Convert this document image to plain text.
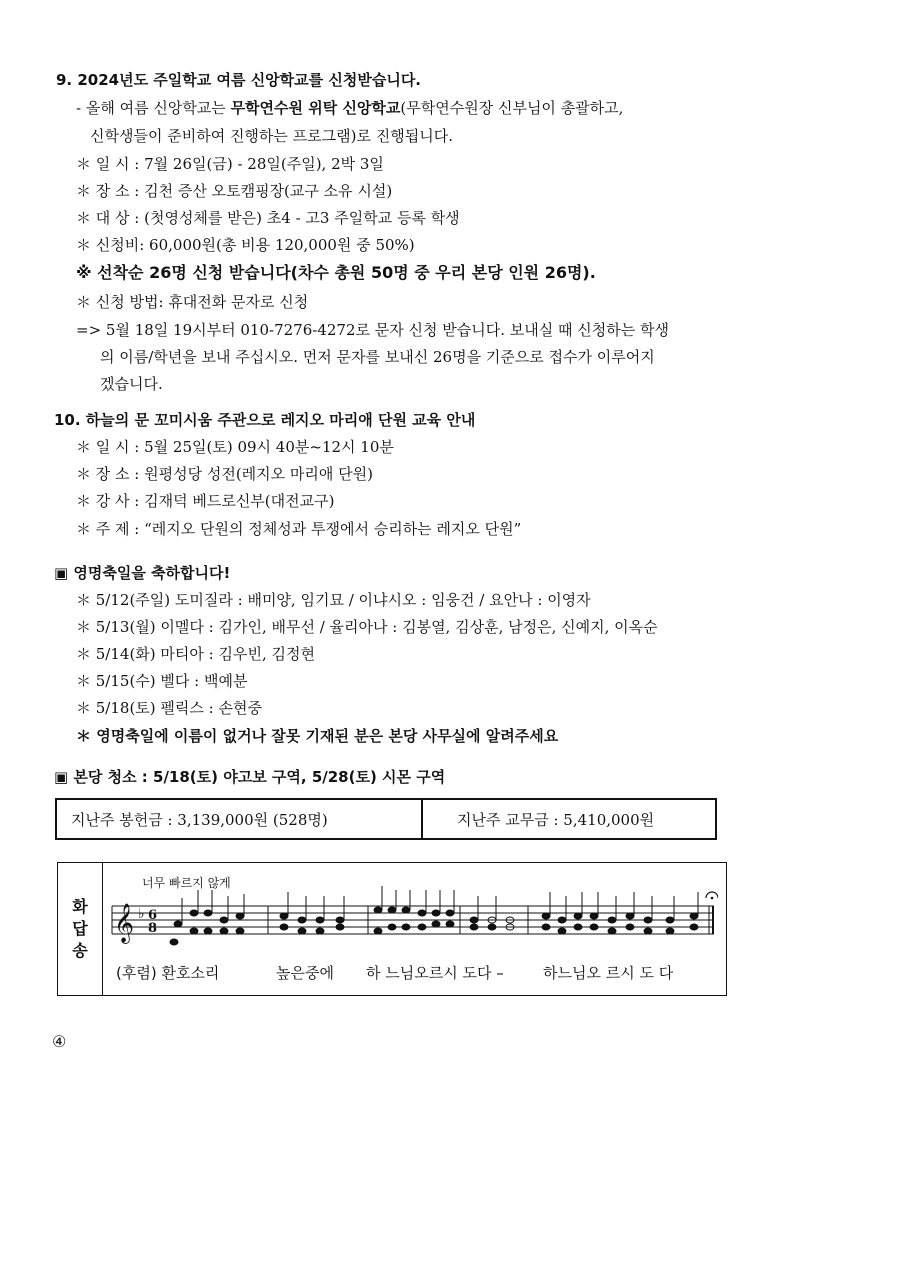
9. 2024년도 주일학교 여름 신앙학교를 신청받습니다.
- 올해 여름 신앙학교는 무학연수원 위탁 신앙학교(무학연수원장 신부님이 총괄하고,
신학생들이 준비하여 진행하는 프로그램)로 진행됩니다.
＊ 일 시 : 7월 26일(금) - 28일(주일), 2박 3일
＊ 장 소 : 김천 증산 오토캠핑장(교구 소유 시설)
＊ 대 상 : (첫영성체를 받은) 초4 - 고3 주일학교 등록 학생
＊ 신청비: 60,000원(총 비용 120,000원 중 50%)
※ 선착순 26명 신청 받습니다(차수 총원 50명 중 우리 본당 인원 26명).
＊ 신청 방법: 휴대전화 문자로 신청
=> 5월 18일 19시부터 010-7276-4272로 문자 신청 받습니다. 보내실 때 신청하는 학생
의 이름/학년을 보내 주십시오. 먼저 문자를 보내신 26명을 기준으로 접수가 이루어지
겠습니다.
10. 하늘의 문 꼬미시움 주관으로 레지오 마리애 단원 교육 안내
＊ 일 시 : 5월 25일(토) 09시 40분~12시 10분
＊ 장 소 : 원평성당 성전(레지오 마리애 단원)
＊ 강 사 : 김재덕 베드로신부(대전교구)
＊ 주 제 : “레지오 단원의 정체성과 투쟁에서 승리하는 레지오 단원”
▣ 영명축일을 축하합니다!
＊ 5/12(주일) 도미질라 : 배미양, 임기묘 / 이냐시오 : 임웅건 / 요안나 : 이영자
＊ 5/13(월) 이멜다 : 김가인, 배무선 / 율리아나 : 김봉열, 김상훈, 남정은, 신예지, 이옥순
＊ 5/14(화) 마티아 : 김우빈, 김정현
＊ 5/15(수) 벨다 : 백예분
＊ 5/18(토) 펠릭스 : 손현중
＊ 영명축일에 이름이 없거나 잘못 기재된 분은 본당 사무실에 알려주세요
▣ 본당 청소 : 5/18(토) 야고보 구역, 5/28(토) 시몬 구역
지난주 봉헌금 : 3,139,000원 (528명)	지난주 교무금 : 5,410,000원
화
답
송
너무 빠르지 않게
𝄞 ♭ 6
8
(후렴) 환호소리	높은중에 하 느님오르시 도다 –	하느님오 르시 도 다
④
